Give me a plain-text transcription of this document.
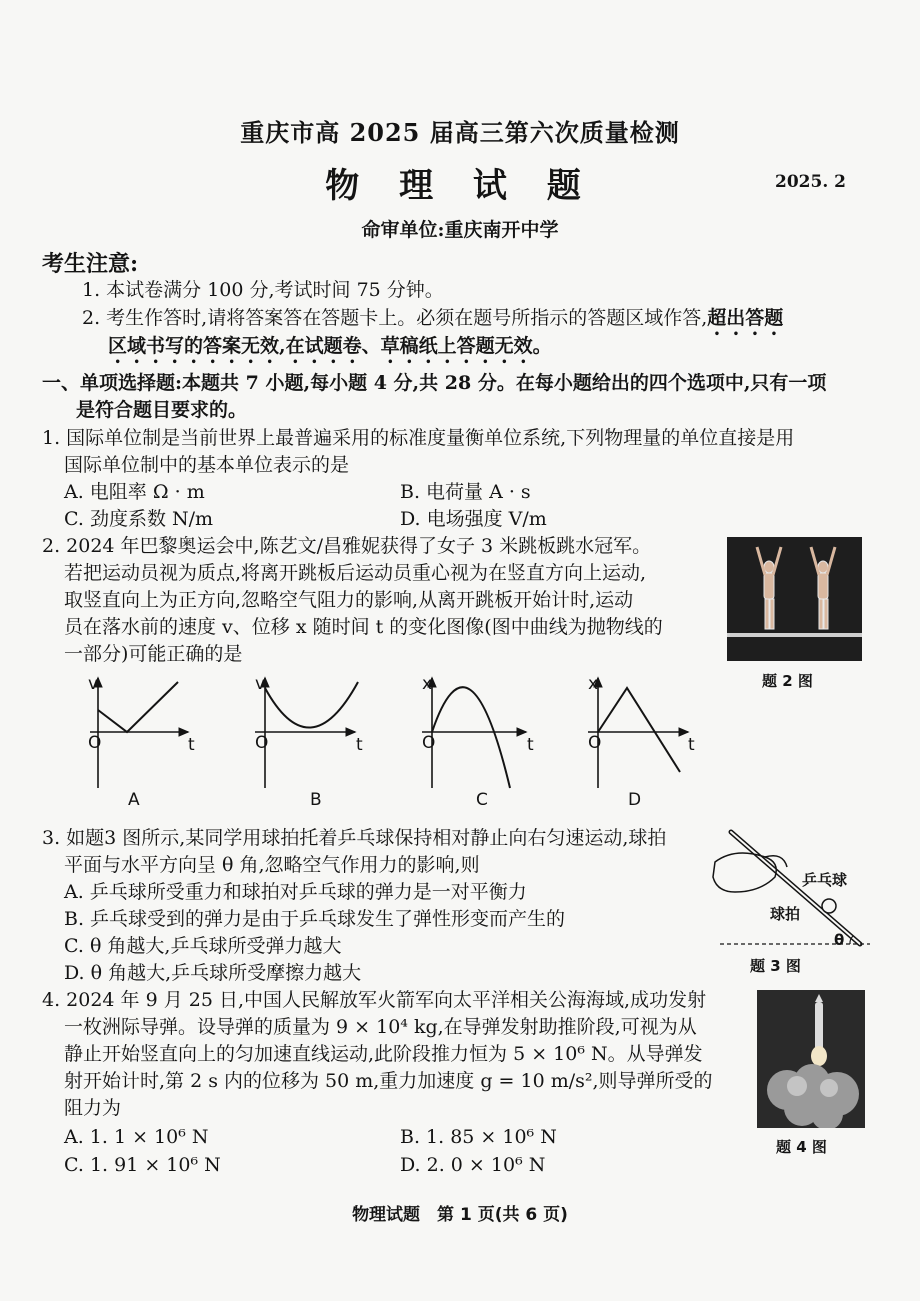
重庆市高 2025 届高三第六次质量检测
物 理 试 题	2025. 2
命审单位:重庆南开中学
考生注意:
1. 本试卷满分 100 分,考试时间 75 分钟。
2. 考生作答时,请将答案答在答题卡上。必须在题号所指示的答题区域作答,超出答题
区域书写的答案无效,在试题卷、草稿纸上答题无效。
一、单项选择题:本题共 7 小题,每小题 4 分,共 28 分。在每小题给出的四个选项中,只有一项
是符合题目要求的。
1. 国际单位制是当前世界上最普遍采用的标准度量衡单位系统,下列物理量的单位直接是用
国际单位制中的基本单位表示的是
A. 电阻率 Ω · m	B. 电荷量 A · s
C. 劲度系数 N/m	D. 电场强度 V/m
2. 2024 年巴黎奥运会中,陈艺文/昌雅妮获得了女子 3 米跳板跳水冠军。
若把运动员视为质点,将离开跳板后运动员重心视为在竖直方向上运动,
取竖直向上为正方向,忽略空气阻力的影响,从离开跳板开始计时,运动
员在落水前的速度 v、位移 x 随时间 t 的变化图像(图中曲线为抛物线的
一部分)可能正确的是
题 2 图
v
O	t
A
v
O	t
B
x
O	t
C
x
O	t
D
3. 如题3 图所示,某同学用球拍托着乒乓球保持相对静止向右匀速运动,球拍
平面与水平方向呈 θ 角,忽略空气作用力的影响,则
A. 乒乓球所受重力和球拍对乒乓球的弹力是一对平衡力
B. 乒乓球受到的弹力是由于乒乓球发生了弹性形变而产生的
C. θ 角越大,乒乓球所受弹力越大
D. θ 角越大,乒乓球所受摩擦力越大
乒乓球
球拍
θ
题 3 图
4. 2024 年 9 月 25 日,中国人民解放军火箭军向太平洋相关公海海域,成功发射
一枚洲际导弹。设导弹的质量为 9 × 10⁴ kg,在导弹发射助推阶段,可视为从
静止开始竖直向上的匀加速直线运动,此阶段推力恒为 5 × 10⁶ N。从导弹发
射开始计时,第 2 s 内的位移为 50 m,重力加速度 g = 10 m/s²,则导弹所受的
阻力为
A. 1. 1 × 10⁶ N	B. 1. 85 × 10⁶ N
C. 1. 91 × 10⁶ N	D. 2. 0 × 10⁶ N
题 4 图
物理试题　第 1 页(共 6 页)
